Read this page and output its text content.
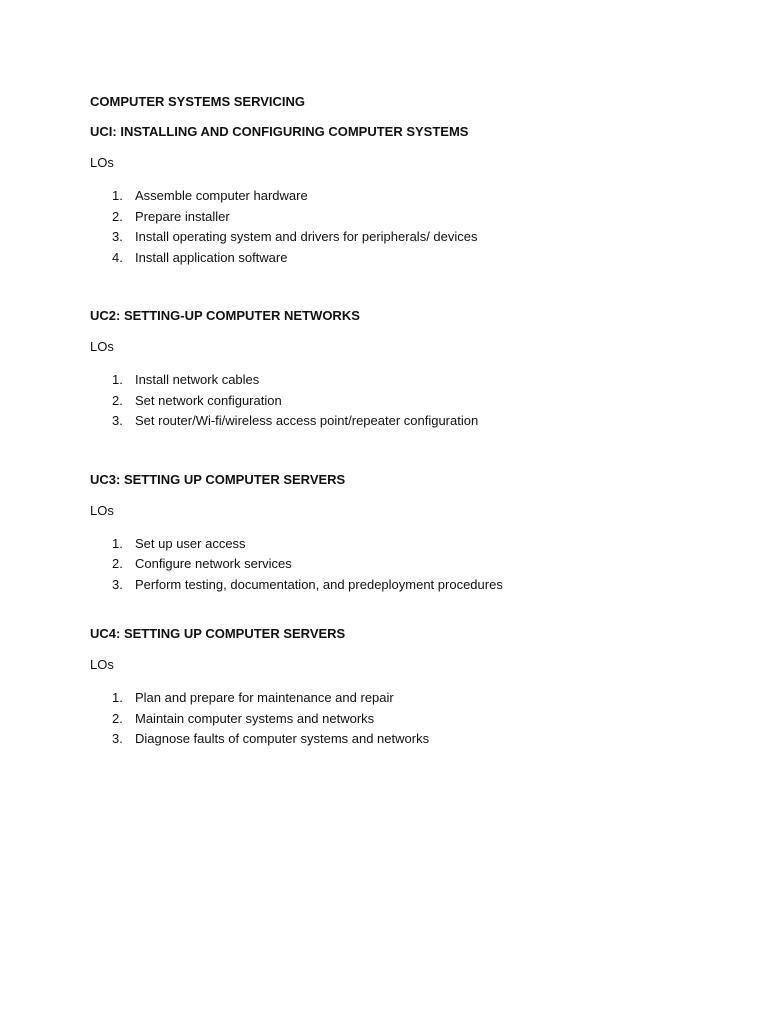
COMPUTER SYSTEMS SERVICING
UCI: INSTALLING AND CONFIGURING COMPUTER SYSTEMS
LOs
1. Assemble computer hardware
2. Prepare installer
3. Install operating system and drivers for peripherals/ devices
4. Install application software
UC2: SETTING-UP COMPUTER NETWORKS
LOs
1. Install network cables
2. Set network configuration
3. Set router/Wi-fi/wireless access point/repeater configuration
UC3: SETTING UP COMPUTER SERVERS
LOs
1. Set up user access
2. Configure network services
3. Perform testing, documentation, and predeployment procedures
UC4: SETTING UP COMPUTER SERVERS
LOs
1. Plan and prepare for maintenance and repair
2. Maintain computer systems and networks
3. Diagnose faults of computer systems and networks
